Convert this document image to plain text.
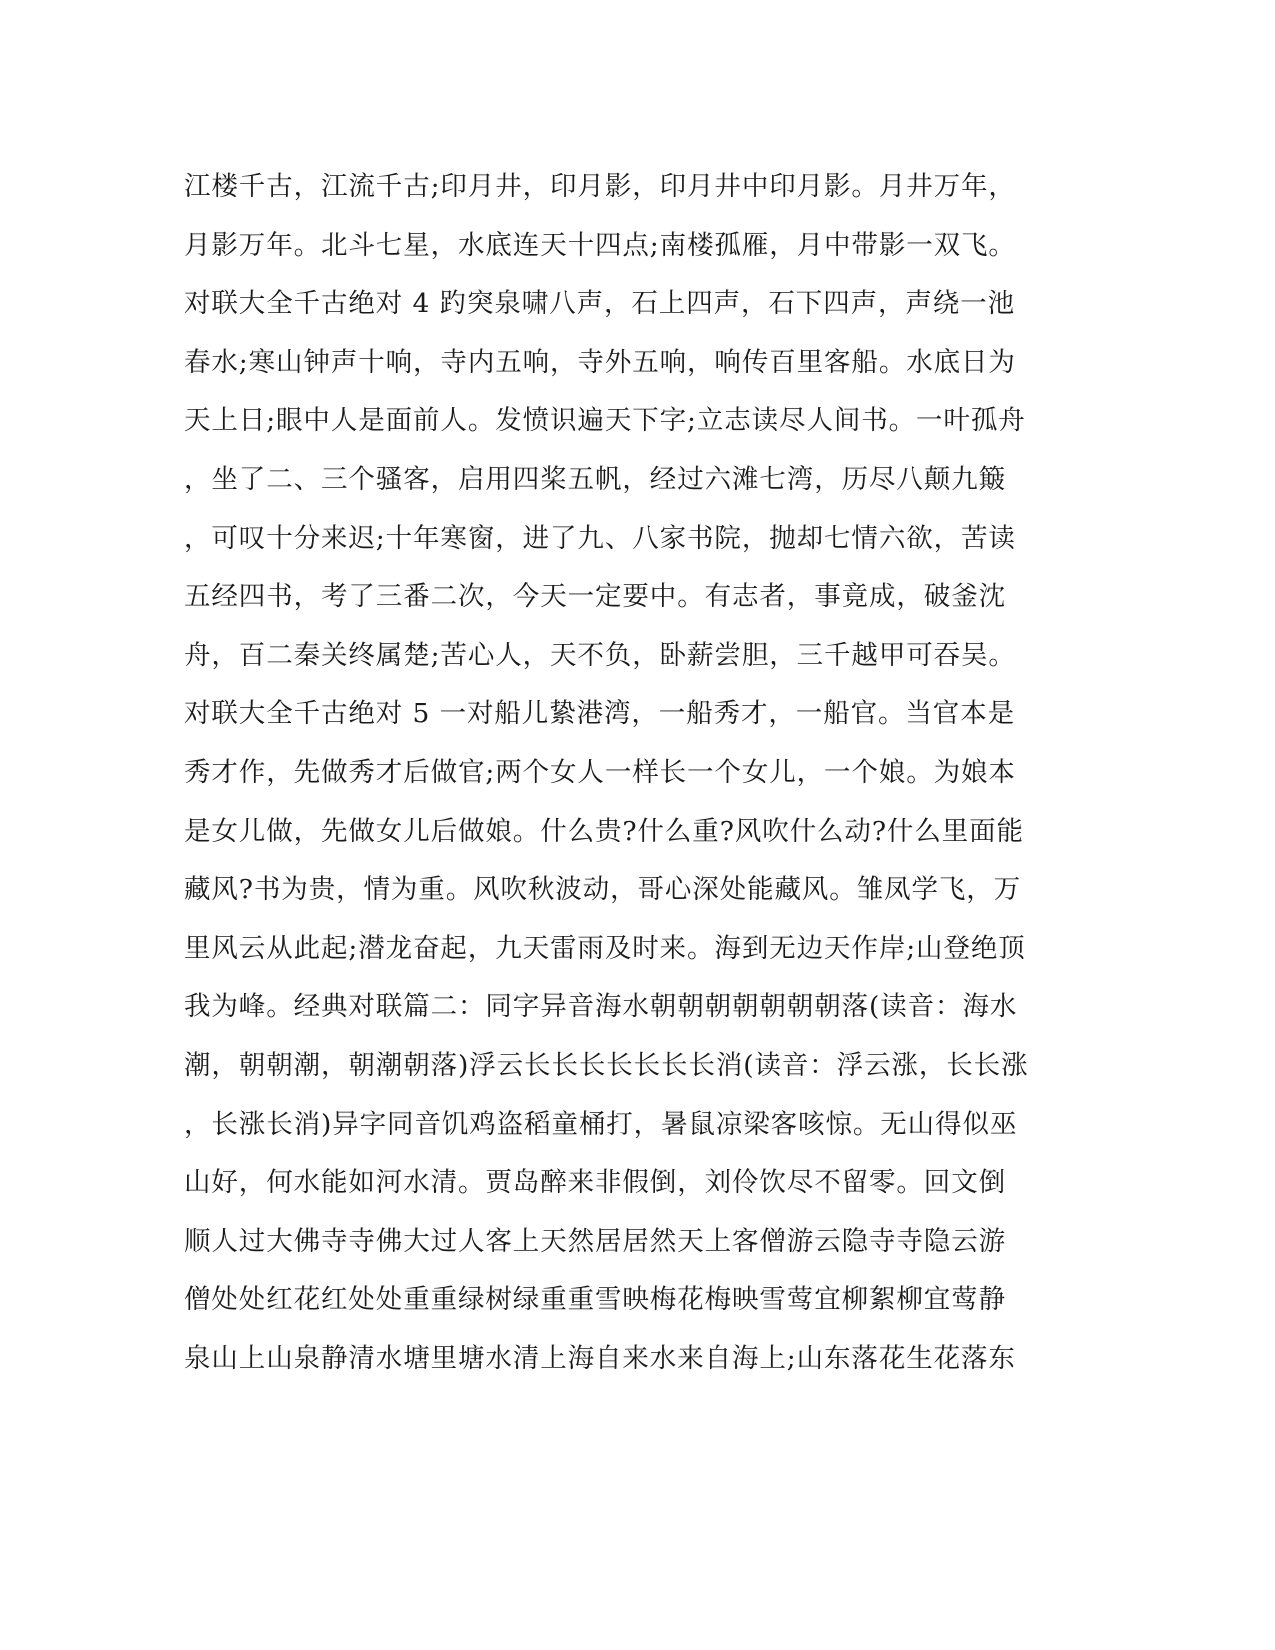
江楼千古，江流千古;印月井，印月影，印月井中印月影。月井万年，
月影万年。北斗七星，水底连天十四点;南楼孤雁，月中带影一双飞。
对联大全千古绝对 4 趵突泉啸八声，石上四声，石下四声，声绕一池
春水;寒山钟声十响，寺内五响，寺外五响，响传百里客船。水底日为
天上日;眼中人是面前人。发愤识遍天下字;立志读尽人间书。一叶孤舟
，坐了二、三个骚客，启用四桨五帆，经过六滩七湾，历尽八颠九簸
，可叹十分来迟;十年寒窗，进了九、八家书院，抛却七情六欲，苦读
五经四书，考了三番二次，今天一定要中。有志者，事竟成，破釜沈
舟，百二秦关终属楚;苦心人，天不负，卧薪尝胆，三千越甲可吞吴。
对联大全千古绝对 5 一对船儿絷港湾，一船秀才，一船官。当官本是
秀才作，先做秀才后做官;两个女人一样长一个女儿，一个娘。为娘本
是女儿做，先做女儿后做娘。什么贵?什么重?风吹什么动?什么里面能
藏风?书为贵，情为重。风吹秋波动，哥心深处能藏风。雏凤学飞，万
里风云从此起;潜龙奋起，九天雷雨及时来。海到无边天作岸;山登绝顶
我为峰。经典对联篇二：同字异音海水朝朝朝朝朝朝朝落(读音：海水
潮，朝朝潮，朝潮朝落)浮云长长长长长长长消(读音：浮云涨，长长涨
，长涨长消)异字同音饥鸡盗稻童桶打，暑鼠凉梁客咳惊。无山得似巫
山好，何水能如河水清。贾岛醉来非假倒，刘伶饮尽不留零。回文倒
顺人过大佛寺寺佛大过人客上天然居居然天上客僧游云隐寺寺隐云游
僧处处红花红处处重重绿树绿重重雪映梅花梅映雪莺宜柳絮柳宜莺静
泉山上山泉静清水塘里塘水清上海自来水来自海上;山东落花生花落东
